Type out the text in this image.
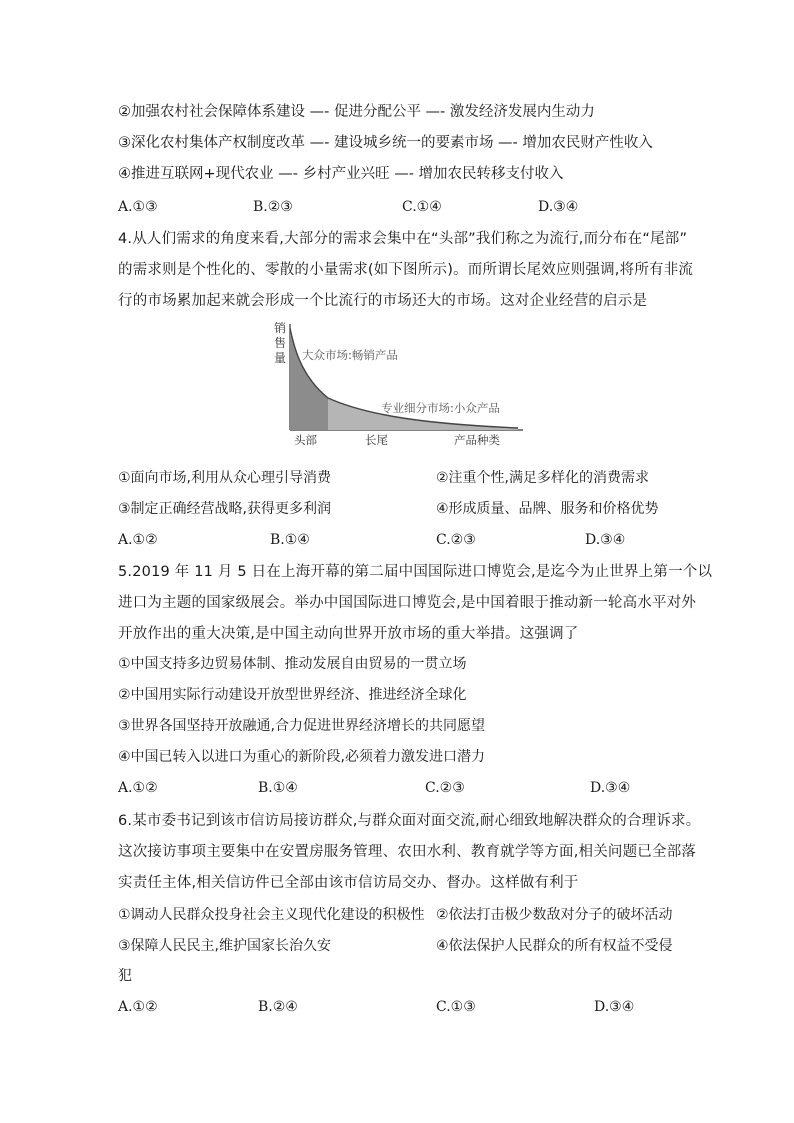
②加强农村社会保障体系建设 —- 促进分配公平 —- 激发经济发展内生动力
③深化农村集体产权制度改革 —- 建设城乡统一的要素市场 —- 增加农民财产性收入
④推进互联网+现代农业 —- 乡村产业兴旺 —- 增加农民转移支付收入
A.①③	B.②③	C.①④	D.③④
4.从人们需求的角度来看,大部分的需求会集中在“头部”我们称之为流行,而分布在“尾部”
的需求则是个性化的、零散的小量需求(如下图所示)。而所谓长尾效应则强调,将所有非流
行的市场累加起来就会形成一个比流行的市场还大的市场。这对企业经营的启示是
销
售
量 大众市场:畅销产品
专业细分市场:小众产品
头部	长尾	产品种类
①面向市场,利用从众心理引导消费	②注重个性,满足多样化的消费需求
③制定正确经营战略,获得更多利润	④形成质量、品牌、服务和价格优势
A.①②	B.①④	C.②③	D.③④
5.2019 年 11 月 5 日在上海开幕的第二届中国国际进口博览会,是迄今为止世界上第一个以
进口为主题的国家级展会。举办中国国际进口博览会,是中国着眼于推动新一轮高水平对外
开放作出的重大决策,是中国主动向世界开放市场的重大举措。这强调了
①中国支持多边贸易体制、推动发展自由贸易的一贯立场
②中国用实际行动建设开放型世界经济、推进经济全球化
③世界各国坚持开放融通,合力促进世界经济增长的共同愿望
④中国已转入以进口为重心的新阶段,必须着力激发进口潜力
A.①②	B.①④	C.②③	D.③④
6.某市委书记到该市信访局接访群众,与群众面对面交流,耐心细致地解决群众的合理诉求。
这次接访事项主要集中在安置房服务管理、农田水利、教育就学等方面,相关问题已全部落
实责任主体,相关信访件已全部由该市信访局交办、督办。这样做有利于
①调动人民群众投身社会主义现代化建设的积极性 ②依法打击极少数敌对分子的破坏活动
③保障人民民主,维护国家长治久安	④依法保护人民群众的所有权益不受侵
犯
A.①②	B.②④	C.①③	D.③④
